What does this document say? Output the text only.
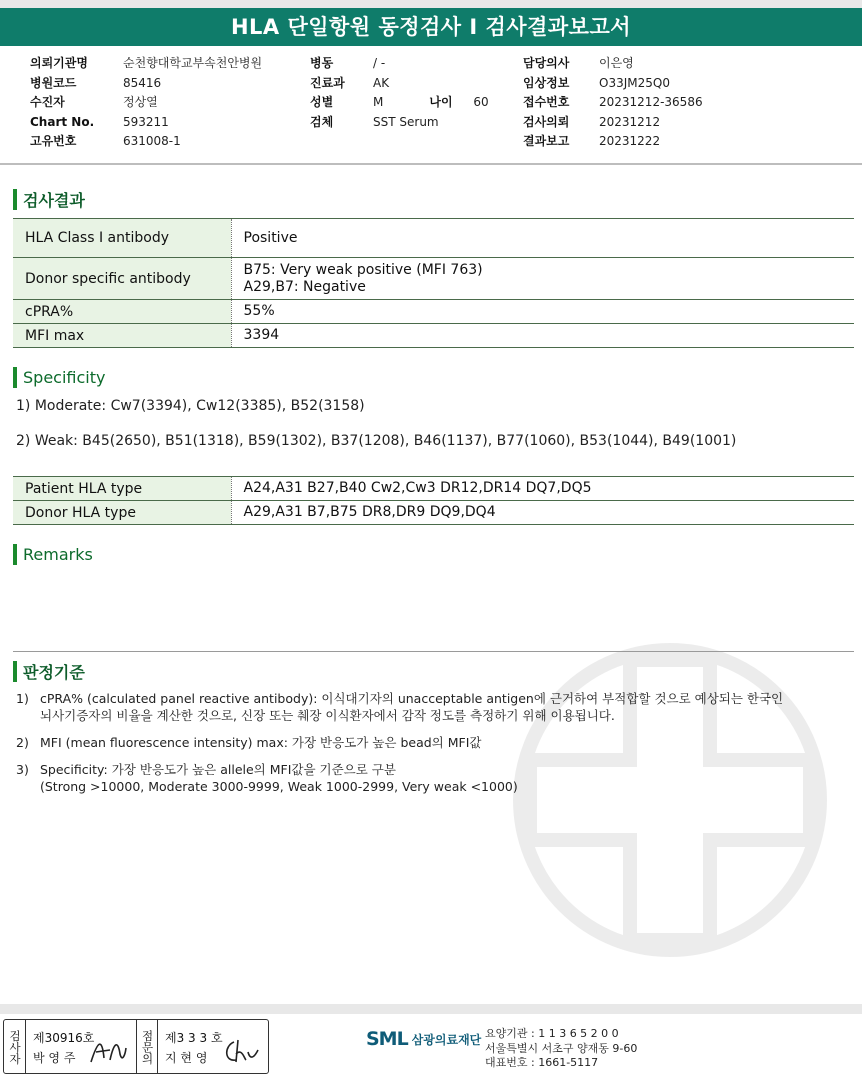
HLA 단일항원 동정검사 I 검사결과보고서
의뢰기관명	순천향대학교부속천안병원
병원코드	85416
수진자	정상열
Chart No.	593211
고유번호	631008-1
병동	/ -
진료과	AK
성별	M	나이	60
검체	SST Serum
담당의사	이은영
임상정보	O33JM25Q0
접수번호	20231212-36586
검사의뢰	20231212
결과보고	20231222
검사결과
HLA Class I antibody	Positive
Donor specific antibody	B75: Very weak positive (MFI 763)
A29,B7: Negative

cPRA%	55%
MFI max	3394
Specificity
1) Moderate: Cw7(3394), Cw12(3385), B52(3158)
2) Weak: B45(2650), B51(1318), B59(1302), B37(1208), B46(1137), B77(1060), B53(1044), B49(1001)
Patient HLA type	A24,A31 B27,B40 Cw2,Cw3 DR12,DR14 DQ7,DQ5
Donor HLA type	A29,A31 B7,B75 DR8,DR9 DQ9,DQ4
Remarks
판정기준
1) cPRA% (calculated panel reactive antibody): 이식대기자의 unacceptable antigen에 근거하여 부적합할 것으로 예상되는 한국인
뇌사기증자의 비율을 계산한 것으로, 신장 또는 췌장 이식환자에서 감작 정도를 측정하기 위해 이용됩니다.
2) MFI (mean fluorescence intensity) max: 가장 반응도가 높은 bead의 MFI값
3) Specificity: 가장 반응도가 높은 allele의 MFI값을 기준으로 구분
(Strong >10000, Moderate 3000-9999, Weak 1000-2999, Very weak <1000)
검사자 제30916호
박 영 주	점문의 제3 3 3 호
지 현 영
SML 삼광의료재단 요양기관 : 1 1 3 6 5 2 0 0
서울특별시 서초구 양재동 9-60
대표번호 : 1661-5117
